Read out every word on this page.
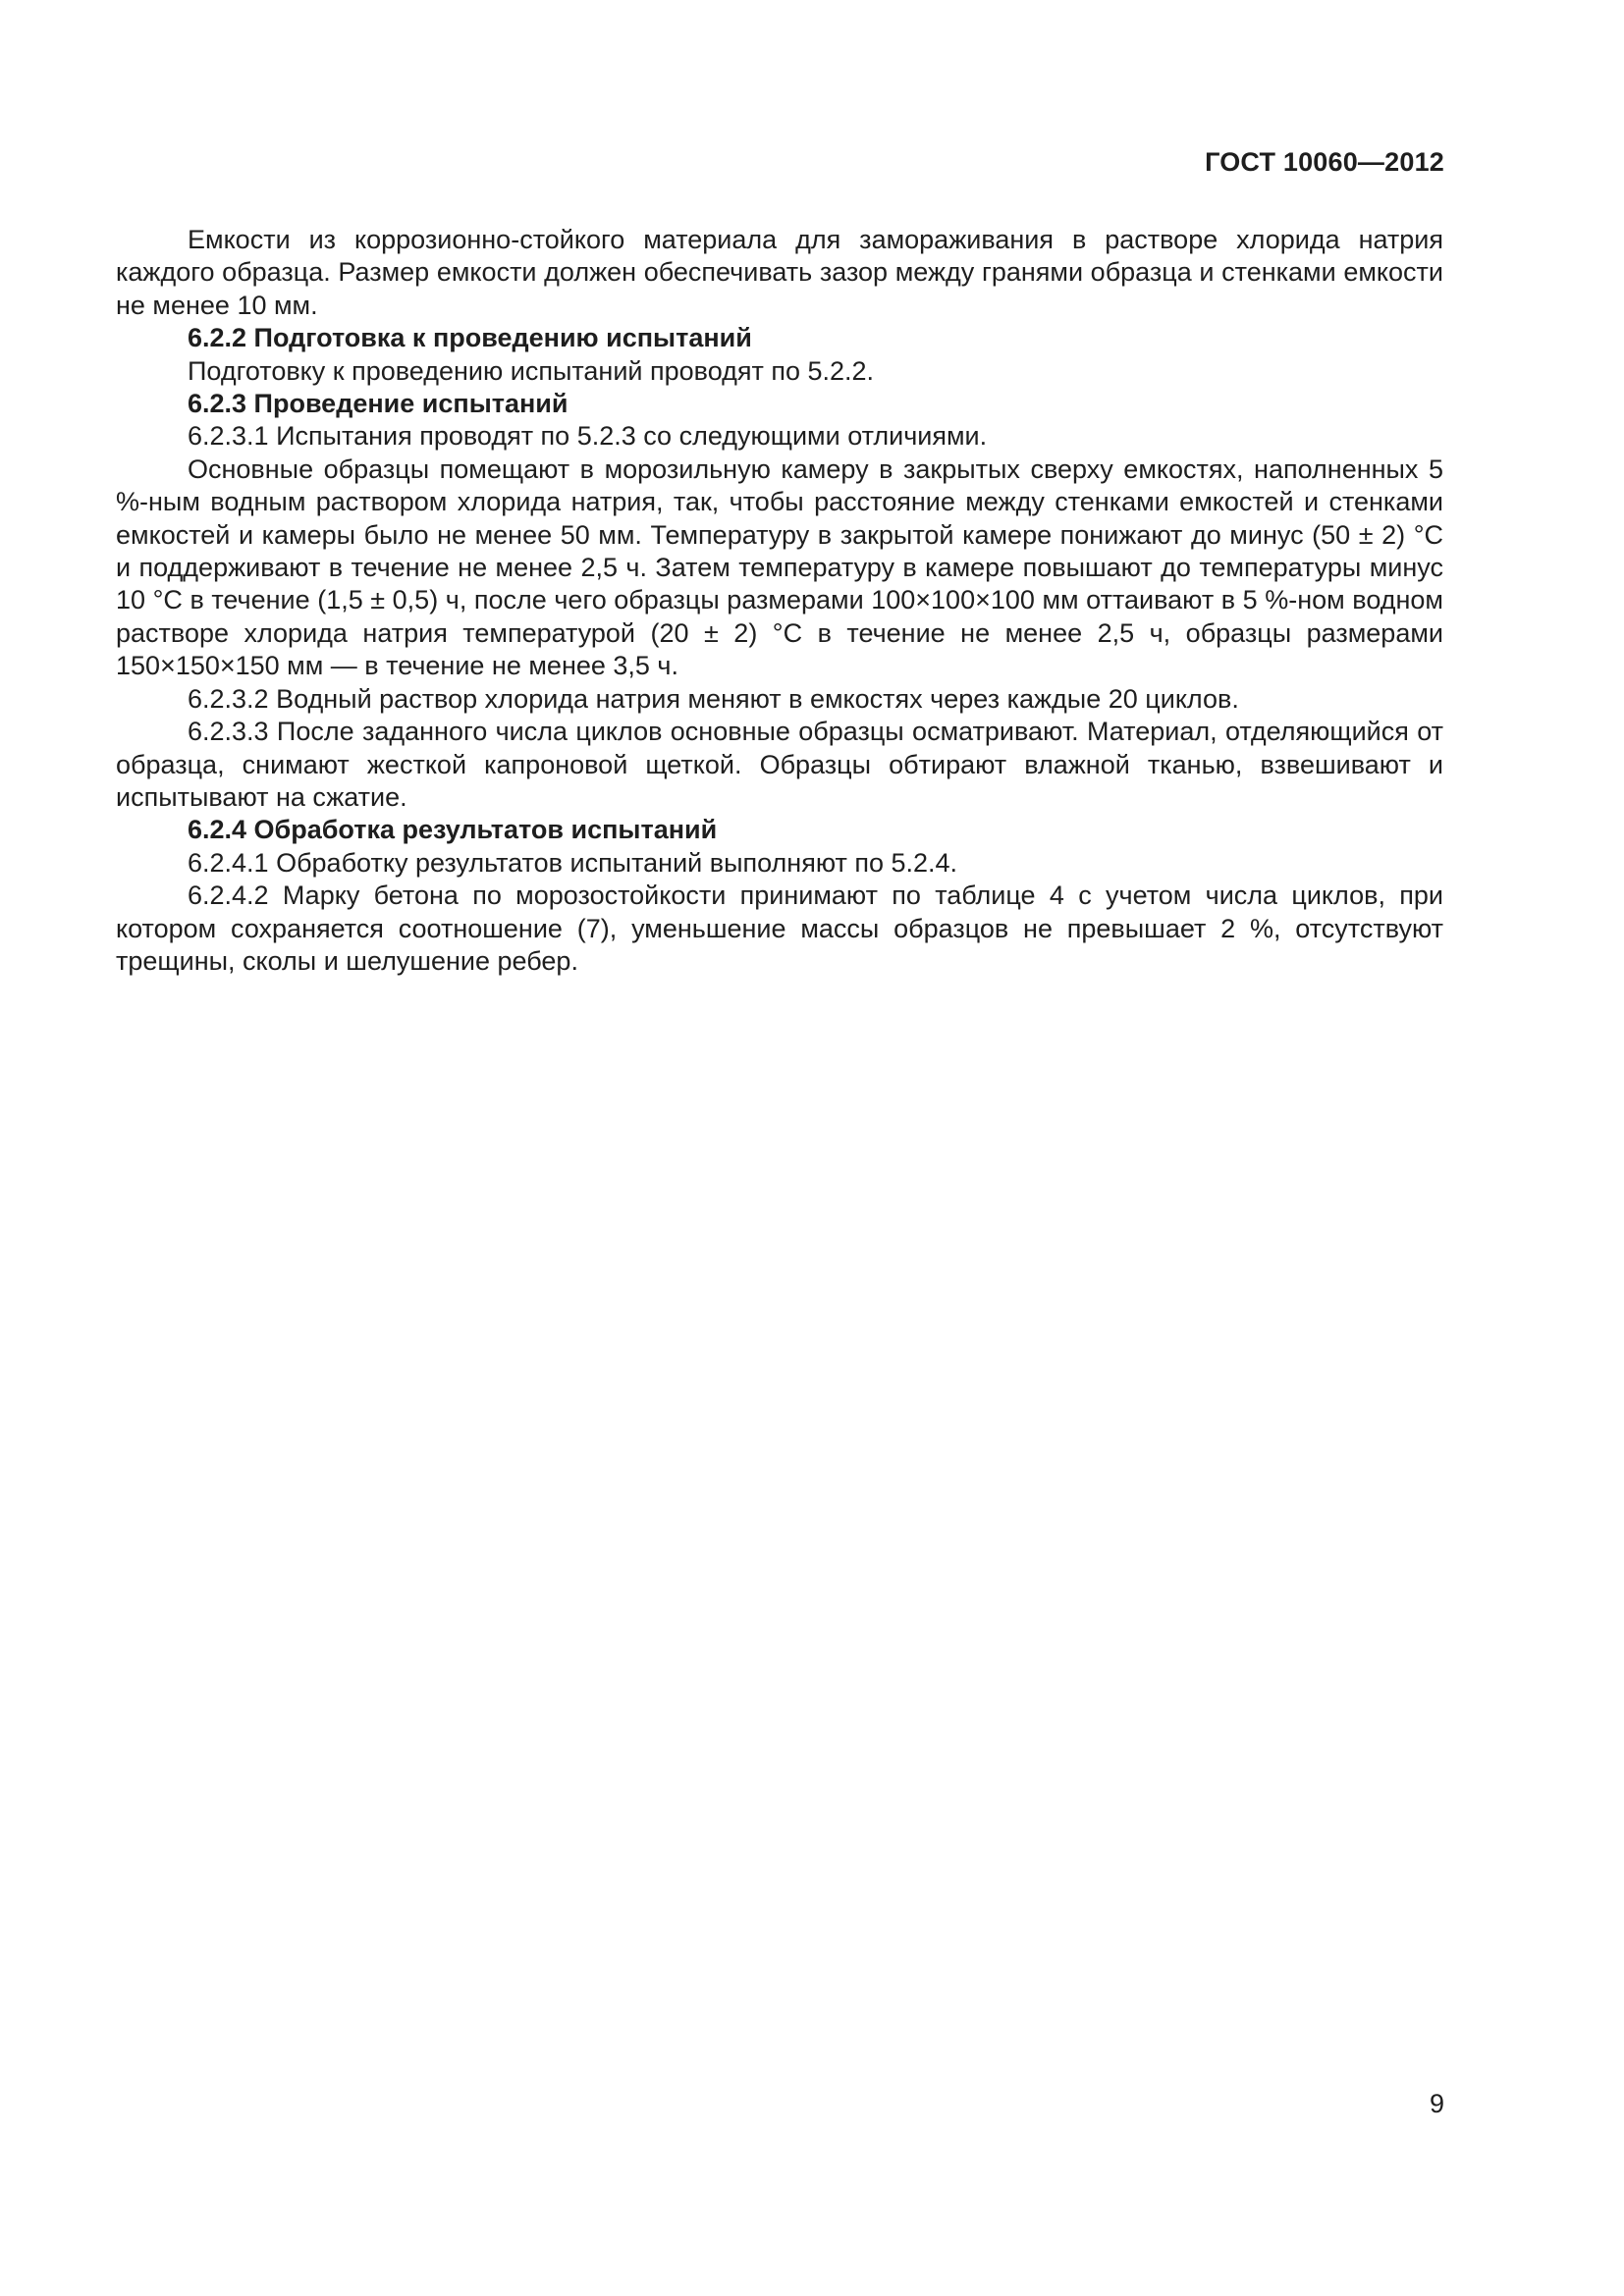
ГОСТ 10060—2012

Емкости из коррозионно-стойкого материала для замораживания в растворе хлорида натрия каждого образца. Размер емкости должен обеспечивать зазор между гранями образца и стенками емкости не менее 10 мм.

6.2.2 Подготовка к проведению испытаний

Подготовку к проведению испытаний проводят по 5.2.2.

6.2.3 Проведение испытаний

6.2.3.1 Испытания проводят по 5.2.3 со следующими отличиями.

Основные образцы помещают в морозильную камеру в закрытых сверху емкостях, наполненных 5 %-ным водным раствором хлорида натрия, так, чтобы расстояние между стенками емкостей и стенками емкостей и камеры было не менее 50 мм. Температуру в закрытой камере понижают до минус (50 ± 2) °С и поддерживают в течение не менее 2,5 ч. Затем температуру в камере повышают до температуры минус 10 °С в течение (1,5 ± 0,5) ч, после чего образцы размерами 100×100×100 мм оттаивают в 5 %-ном водном растворе хлорида натрия температурой (20 ± 2) °С в течение не менее 2,5 ч, образцы размерами 150×150×150 мм — в течение не менее 3,5 ч.

6.2.3.2 Водный раствор хлорида натрия меняют в емкостях через каждые 20 циклов.

6.2.3.3 После заданного числа циклов основные образцы осматривают. Материал, отделяющийся от образца, снимают жесткой капроновой щеткой. Образцы обтирают влажной тканью, взвешивают и испытывают на сжатие.

6.2.4 Обработка результатов испытаний

6.2.4.1 Обработку результатов испытаний выполняют по 5.2.4.

6.2.4.2 Марку бетона по морозостойкости принимают по таблице 4 с учетом числа циклов, при котором сохраняется соотношение (7), уменьшение массы образцов не превышает 2 %, отсутствуют трещины, сколы и шелушение ребер.

9
